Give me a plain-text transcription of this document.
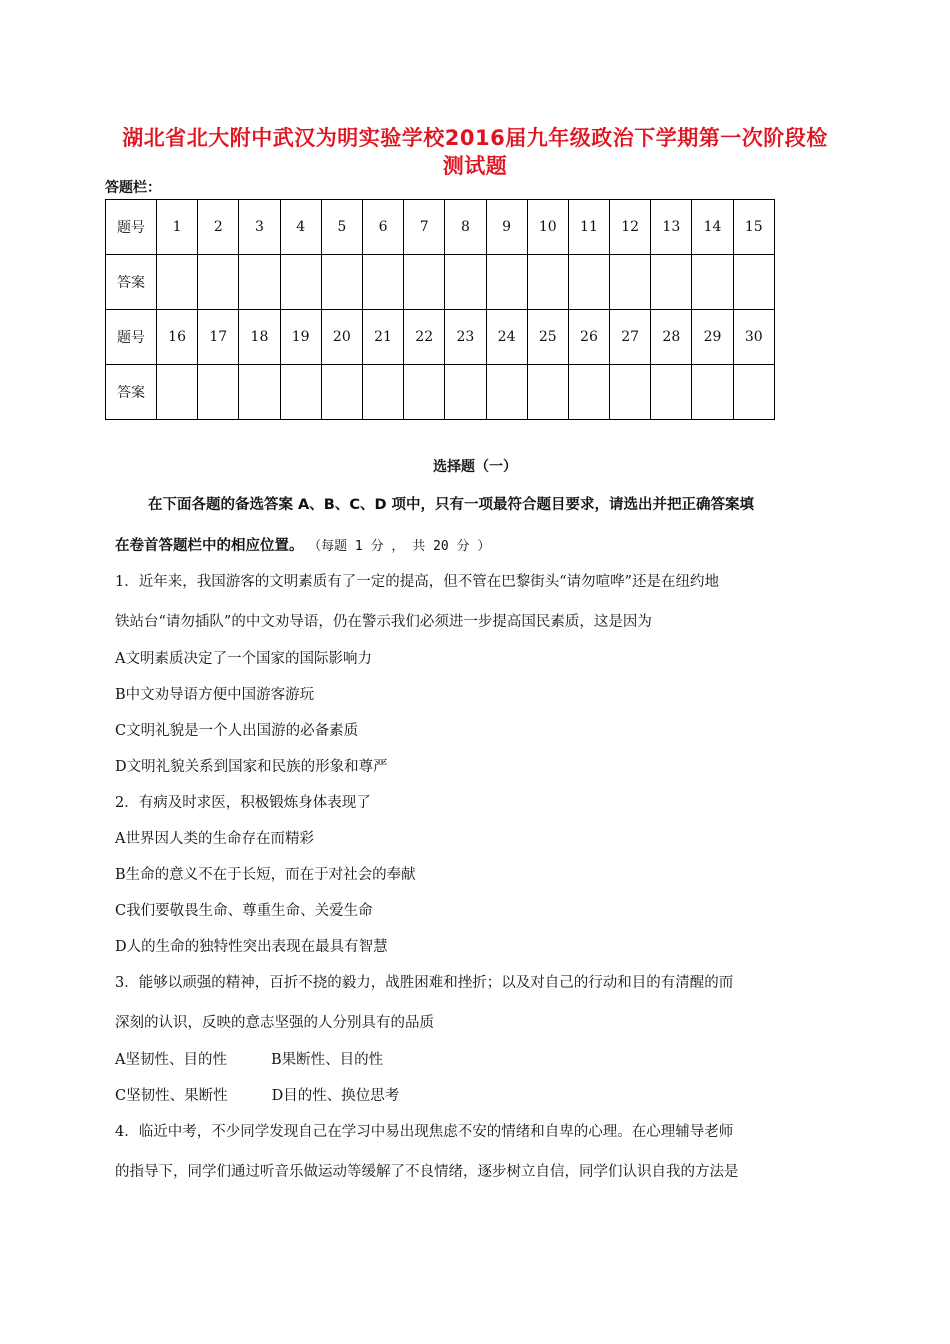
湖北省北大附中武汉为明实验学校2016届九年级政治下学期第一次阶段检
测试题
答题栏：
题号	1	2	3	4	5	6	7	8	9	10	11	12	13	14	15
答案															
题号	16	17	18	19	20	21	22	23	24	25	26	27	28	29	30
答案															
选择题（一）
在下面各题的备选答案 A、B、C、D 项中，只有一项最符合题目要求，请选出并把正确答案填
在卷首答题栏中的相应位置。 （每题 1 分 ， 共 20 分 ）
1．近年来，我国游客的文明素质有了一定的提高，但不管在巴黎街头“请勿喧哗”还是在纽约地
铁站台“请勿插队”的中文劝导语，仍在警示我们必须进一步提高国民素质，这是因为
A文明素质决定了一个国家的国际影响力
B中文劝导语方便中国游客游玩
C文明礼貌是一个人出国游的必备素质
D文明礼貌关系到国家和民族的形象和尊严
2．有病及时求医，积极锻炼身体表现了
A世界因人类的生命存在而精彩
B生命的意义不在于长短，而在于对社会的奉献
C我们要敬畏生命、尊重生命、关爱生命
D人的生命的独特性突出表现在最具有智慧
3．能够以顽强的精神，百折不挠的毅力，战胜困难和挫折；以及对自己的行动和目的有清醒的而
深刻的认识，反映的意志坚强的人分别具有的品质
A坚韧性、目的性	B果断性、目的性
C坚韧性、果断性	D目的性、换位思考
4．临近中考，不少同学发现自己在学习中易出现焦虑不安的情绪和自卑的心理。在心理辅导老师
的指导下，同学们通过听音乐做运动等缓解了不良情绪，逐步树立自信，同学们认识自我的方法是
